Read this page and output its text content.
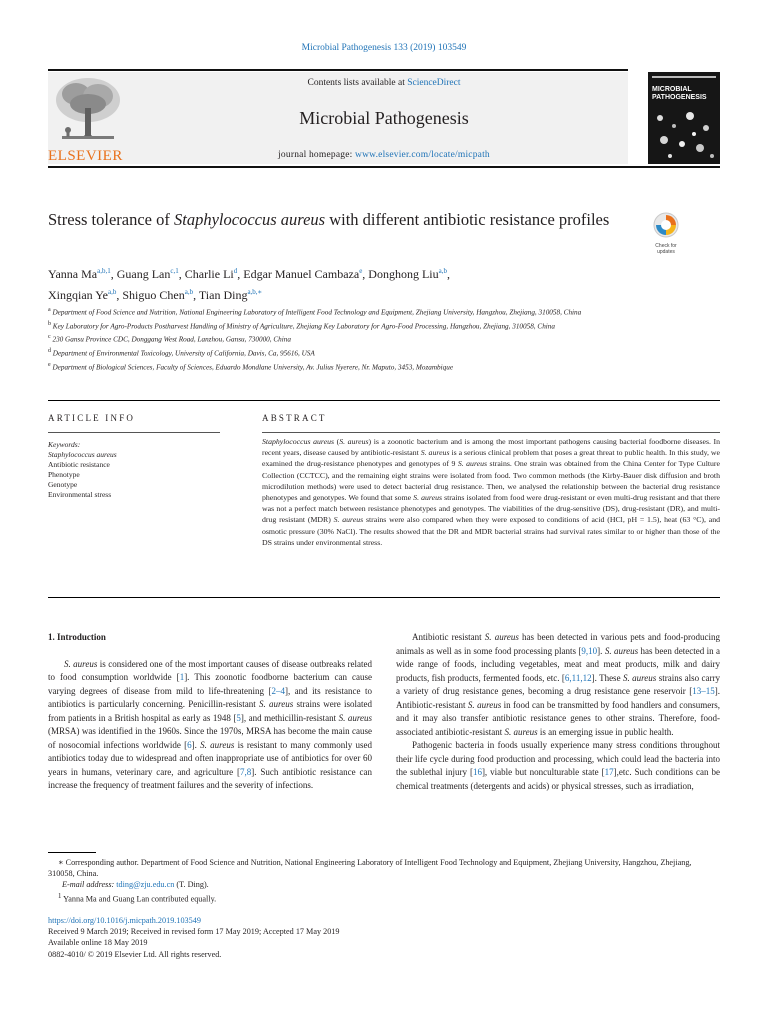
Microbial Pathogenesis 133 (2019) 103549
ELSEVIER
Contents lists available at ScienceDirect
Microbial Pathogenesis
journal homepage: www.elsevier.com/locate/micpath
MICROBIAL
PATHOGENESIS
Check for
updates
Stress tolerance of Staphylococcus aureus with different antibiotic resistance profiles
Yanna Ma$^{a,b,1}$, Guang Lan$^{c,1}$, Charlie Li$^d$, Edgar Manuel Cambaza$^e$, Donghong Liu$^{a,b}$,
Xingqian Ye$^{a,b}$, Shiguo Chen$^{a,b}$, Tian Ding$^{a,b,∗}$
$^a$ Department of Food Science and Nutrition, National Engineering Laboratory of Intelligent Food Technology and Equipment, Zhejiang University, Hangzhou, Zhejiang, 310058, China
$^b$ Key Laboratory for Agro-Products Postharvest Handling of Ministry of Agriculture, Zhejiang Key Laboratory for Agro-Food Processing, Hangzhou, Zhejiang, 310058, China
$^c$ 230 Gansu Province CDC, Donggang West Road, Lanzhou, Gansu, 730000, China
$^d$ Department of Environmental Toxicology, University of California, Davis, Ca, 95616, USA
$^e$ Department of Biological Sciences, Faculty of Sciences, Eduardo Mondlane University, Av. Julius Nyerere, Nr. Maputo, 3453, Mozambique
ARTICLE INFO	ABSTRACT
Keywords:
Staphylococcus aureus
Antibiotic resistance
Phenotype
Genotype
Environmental stress
Staphylococcus aureus (S. aureus) is a zoonotic bacterium and is among the most important pathogens causing bacterial foodborne diseases. In recent years, disease caused by antibiotic-resistant S. aureus is a serious clinical problem that poses a great threat to public health. In this study, we examined the drug-resistance phenotypes and genotypes of 9 S. aureus strains. One strain was obtained from the China Center for Type Culture Collection (CCTCC), and the remaining eight strains were isolated from food. Two common methods (the Kirby-Bauer disk diffusion and broth microdilution methods) were used to detect bacterial drug resistance. Then, we analysed the relationship between the bacterial drug resistance phenotypes and genotypes. We found that some S. aureus strains isolated from food were drug-resistant or even multi-drug resistant and that there was not a perfect match between resistance phenotypes and genotypes. The viabilities of the drug-sensitive (DS), drug-resistant (DR), and multi-drug resistant (MDR) S. aureus strains were also compared when they were exposed to conditions of acid (HCl, pH = 1.5), heat (63 °C), and osmotic pressure (30% NaCl). The results showed that the DR and MDR bacterial strains had survival rates similar to or higher than those of the DS strains under environmental stress.
1. Introduction

S. aureus is considered one of the most important causes of disease outbreaks related to food consumption worldwide [1]. This zoonotic foodborne bacterium can cause varying degrees of disease from mild to life-threatening [2–4], and its resistance to antibiotics is particularly concerning. Penicillin-resistant S. aureus strains were isolated from patients in a British hospital as early as 1948 [5], and methicillin-resistant S. aureus (MRSA) was identified in the 1960s. Since the 1970s, MRSA has become the main cause of nosocomial infections worldwide [6]. S. aureus is resistant to many commonly used antibiotics today due to widespread and often inappropriate use of antibiotics for over 60 years in humans, veterinary care, and agriculture [7,8]. Such antibiotic resistance can increase the frequency of treatment failures and the severity of infections.

Antibiotic resistant S. aureus has been detected in various pets and food-producing animals as well as in some food processing plants [9,10]. S. aureus has been detected in a wide range of foods, including vegetables, meat and meat products, milk and dairy products, fish products, fermented foods, etc. [6,11,12]. These S. aureus strains also carry a variety of drug resistance genes, becoming a drug resistance gene reservoir [13–15]. Antibiotic-resistant S. aureus in food can be transmitted by food handlers and consumers, and it may also transfer antibiotic resistance genes to other strains. Therefore, food-associated antibiotic-resistant S. aureus is an emerging issue in public health.

Pathogenic bacteria in foods usually experience many stress conditions throughout their life cycle during food production and processing, which could lead the bacteria into the sublethal injury [16], viable but nonculturable state [17],etc. Such conditions can be chemical treatments (detergents and acids) or physical stresses, such as irradiation,

∗ Corresponding author. Department of Food Science and Nutrition, National Engineering Laboratory of Intelligent Food Technology and Equipment, Zhejiang University, Hangzhou, Zhejiang, 310058, China.
E-mail address: tding@zju.edu.cn (T. Ding).
$^1$ Yanna Ma and Guang Lan contributed equally.
https://doi.org/10.1016/j.micpath.2019.103549
Received 9 March 2019; Received in revised form 17 May 2019; Accepted 17 May 2019
Available online 18 May 2019
0882-4010/ © 2019 Elsevier Ltd. All rights reserved.
